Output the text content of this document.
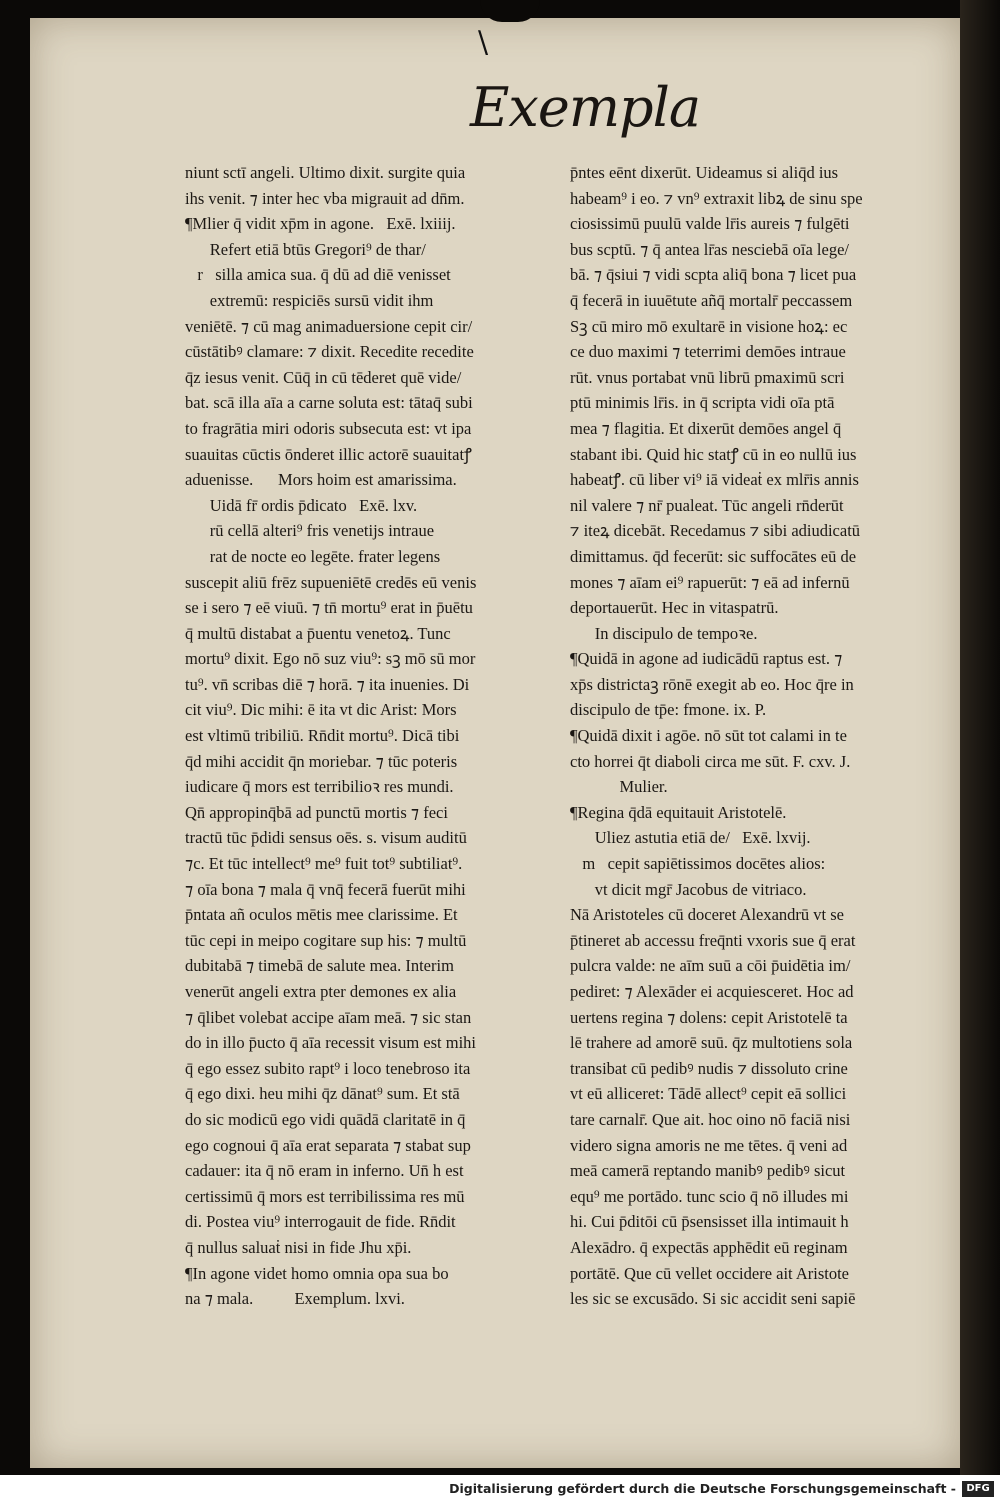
\
Exempla
niunt sctī angeli. Ultimo dixit. surgite quia
ihs venit. ⁊ inter hec vba migrauit ad dn̄m.
¶Mlier q̄ vidit xp̄m in agone.   Exē. lxiiij.
Refert etiā btūs Gregori⁹ de thar/
r   silla amica sua. q̄ dū ad diē venisset
extremū: respiciēs sursū vidit ihm
veniētē. ⁊ cū mag animaduersione cepit cir/
cūstātibꝰ clamare: ⁊ dixit. Recedite recedite
q̄z iesus venit. Cūq̄ in cū tēderet quē vide/
bat. scā illa aīa a carne soluta est: tātaq̄ subi
to fragrātia miri odoris subsecuta est: vt ipa
suauitas cūctis ōnderet illic actorē suauitatꝭ
aduenisse.      Mors hoim est amarissima.
Uidā fr̄ ordis p̄dicato   Exē. lxv.
rū cellā alteri⁹ fris venetijs intraue
rat de nocte eo legēte. frater legens
suscepit aliū frēz supueniētē credēs eū venis
se i sero ⁊ eē viuū. ⁊ tn̄ mortu⁹ erat in p̄uētu
q̄ multū distabat a p̄uentu venetoꝝ. Tunc
mortu⁹ dixit. Ego nō suz viu⁹: sꝫ mō sū mor
tu⁹. vn̄ scribas diē ⁊ horā. ⁊ ita inuenies. Di
cit viu⁹. Dic mihi: ē ita vt dic Arist: Mors
est vltimū tribiliū. Rn̄dit mortu⁹. Dicā tibi
q̄d mihi accidit q̄n moriebar. ⁊ tūc poteris
iudicare q̄ mors est terribilioꝛ res mundi.
Qn̄ appropinq̄bā ad punctū mortis ⁊ feci
tractū tūc p̄didi sensus oēs. s. visum auditū
⁊c. Et tūc intellect⁹ me⁹ fuit tot⁹ subtiliat⁹.
⁊ oīa bona ⁊ mala q̄ vnq̄ fecerā fuerūt mihi
p̄ntata añ oculos mētis mee clarissime. Et
tūc cepi in meipo cogitare sup his: ⁊ multū
dubitabā ⁊ timebā de salute mea. Interim
venerūt angeli extra pter demones ex alia
⁊ q̄libet volebat accipe aīam meā. ⁊ sic stan
do in illo p̄ucto q̄ aīa recessit visum est mihi
q̄ ego essez subito rapt⁹ i loco tenebroso ita
q̄ ego dixi. heu mihi q̄z dānat⁹ sum. Et stā
do sic modicū ego vidi quādā claritatē in q̄
ego cognoui q̄ aīa erat separata ⁊ stabat sup
cadauer: ita q̄ nō eram in inferno. Un̄ h est
certissimū q̄ mors est terribilissima res mū
di. Postea viu⁹ interrogauit de fide. Rn̄dit
q̄ nullus saluaṫ nisi in fide Jhu xp̄i.
¶In agone videt homo omnia opa sua bo
na ⁊ mala.          Exemplum. lxvi.
p̄ntes eēnt dixerūt. Uideamus si aliq̄d ius
habeam⁹ i eo. ⁊ vn⁹ extraxit libꝝ de sinu spe
ciosissimū puulū valde lr̄is aureis ⁊ fulgēti
bus scptū. ⁊ q̄ antea lr̄as nesciebā oīa lege/
bā. ⁊ q̄siui ⁊ vidi scpta aliq̄ bona ⁊ licet pua
q̄ fecerā in iuuētute añq̄ mortalr̄ peccassem
Sꝫ cū miro mō exultarē in visione hoꝝ: ec
ce duo maximi ⁊ teterrimi demōes intraue
rūt. vnus portabat vnū librū pmaximū scri
ptū minimis lr̄is. in q̄ scripta vidi oīa ptā
mea ⁊ flagitia. Et dixerūt demōes angel q̄
stabant ibi. Quid hic statꝭ cū in eo nullū ius
habeatꝭ. cū liber vi⁹ iā videaṫ ex mlr̄is annis
nil valere ⁊ nr̄ pualeat. Tūc angeli rn̄derūt
⁊ iteꝝ dicebāt. Recedamus ⁊ sibi adiudicatū
dimittamus. q̄d fecerūt: sic suffocātes eū de
mones ⁊ aīam ei⁹ rapuerūt: ⁊ eā ad infernū
deportauerūt. Hec in vitaspatrū.
In discipulo de tempoꝛe.
¶Quidā in agone ad iudicādū raptus est. ⁊
xp̄s districtaꝫ rōnē exegit ab eo. Hoc q̄re in
discipulo de tp̄e: fmone. ix. P.
¶Quidā dixit i agōe. nō sūt tot calami in te
cto horrei q̄t diaboli circa me sūt. F. cxv. J.
Mulier.
¶Regina q̄dā equitauit Aristotelē.
Uliez astutia etiā de/   Exē. lxvij.
m   cepit sapiētissimos docētes alios:
vt dicit mgr̄ Jacobus de vitriaco.
Nā Aristoteles cū doceret Alexandrū vt se
p̄tineret ab accessu freq̄nti vxoris sue q̄ erat
pulcra valde: ne aīm suū a cōi p̄uidētia im/
pediret: ⁊ Alexāder ei acquiesceret. Hoc ad
uertens regina ⁊ dolens: cepit Aristotelē ta
lē trahere ad amorē suū. q̄z multotiens sola
transibat cū pedibꝰ nudis ⁊ dissoluto crine
vt eū alliceret: Tādē allect⁹ cepit eā sollici
tare carnalr̄. Que ait. hoc oino nō faciā nisi
videro signa amoris ne me tētes. q̄ veni ad
meā camerā reptando manibꝰ pedibꝰ sicut
equ⁹ me portādo. tunc scio q̄ nō illudes mi
hi. Cui p̄ditōi cū p̄sensisset illa intimauit h
Alexādro. q̄ expectās apphēdit eū reginam
portātē. Que cū vellet occidere ait Aristote
les sic se excusādo. Si sic accidit seni sapiē
Digitalisierung gefördert durch die Deutsche Forschungsgemeinschaft -	DFG
